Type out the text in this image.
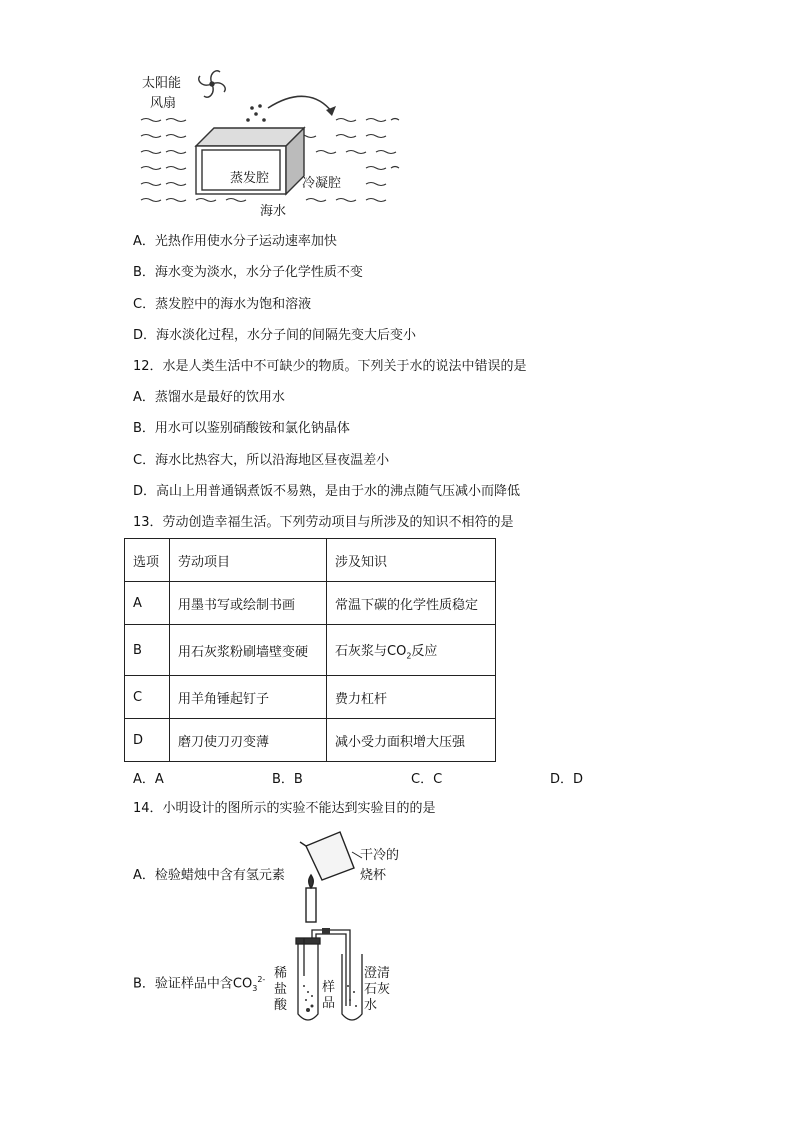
太阳能
风扇
蒸发腔	冷凝腔
海水
A．光热作用使水分子运动速率加快
B．海水变为淡水，水分子化学性质不变
C．蒸发腔中的海水为饱和溶液
D．海水淡化过程，水分子间的间隔先变大后变小
12．水是人类生活中不可缺少的物质。下列关于水的说法中错误的是
A．蒸馏水是最好的饮用水
B．用水可以鉴别硝酸铵和氯化钠晶体
C．海水比热容大，所以沿海地区昼夜温差小
D．高山上用普通锅煮饭不易熟，是由于水的沸点随气压减小而降低
13．劳动创造幸福生活。下列劳动项目与所涉及的知识不相符的是
选项	劳动项目	涉及知识
A	用墨书写或绘制书画	常温下碳的化学性质稳定
B	用石灰浆粉刷墙壁变硬	石灰浆与$CO_2$反应
C	用羊角锤起钉子	费力杠杆
D	磨刀使刀刃变薄	减小受力面积增大压强
A．A	B．B	C．C	D．D
14．小明设计的图所示的实验不能达到实验目的的是
A．检验蜡烛中含有氢元素
干冷的
烧杯
B．验证样品中含$CO_3^{2-}$ 稀
盐
酸
样
品
澄清
石灰
水
